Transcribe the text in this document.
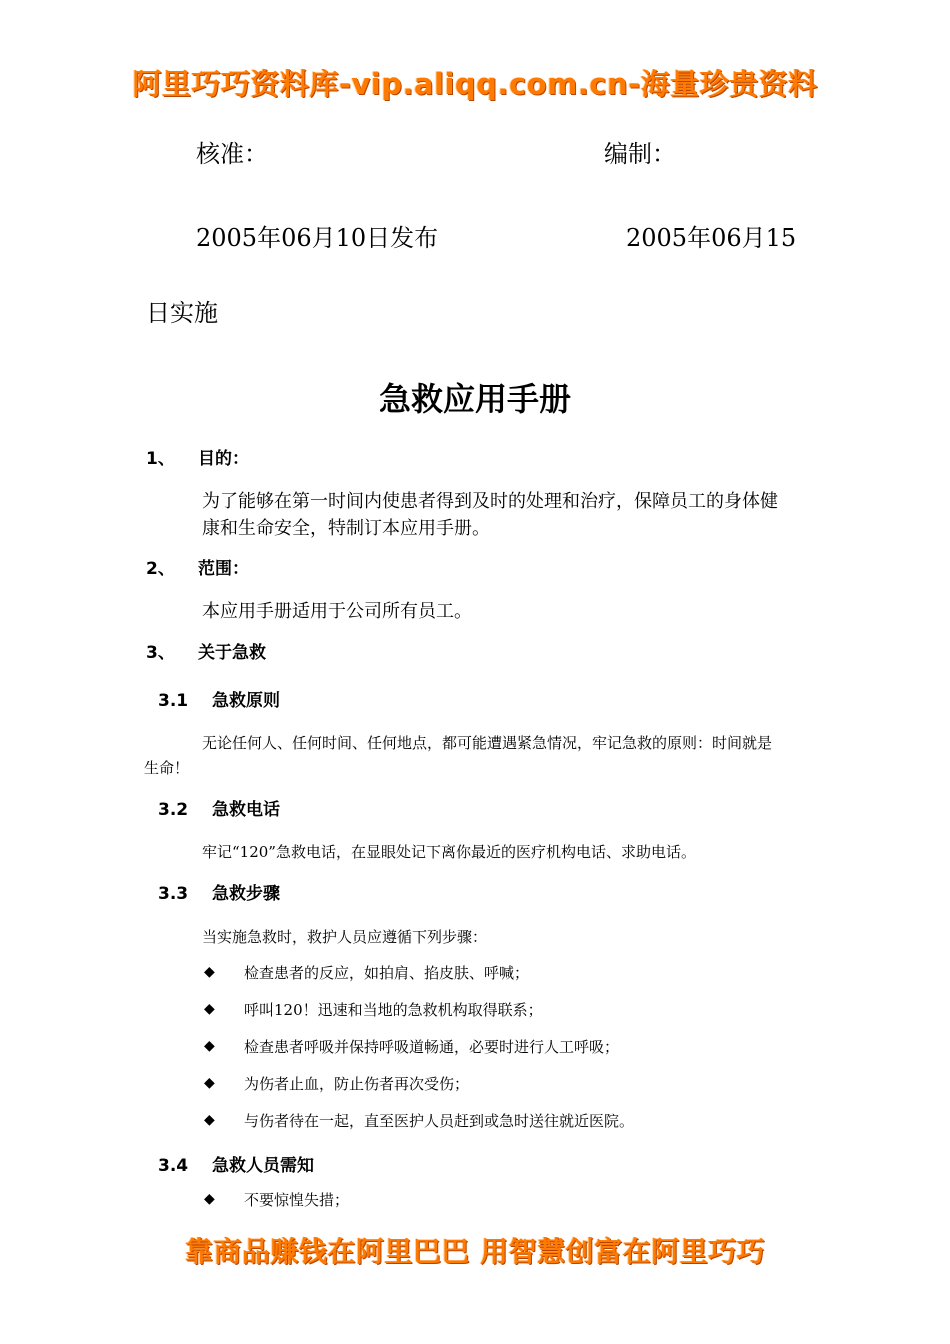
阿里巧巧资料库-vip.aliqq.com.cn-海量珍贵资料
核准：	编制：
2005年06月10日发布	2005年06月15
日实施
急救应用手册
1、 目的：
为了能够在第一时间内使患者得到及时的处理和治疗，保障员工的身体健
康和生命安全，特制订本应用手册。
2、 范围：
本应用手册适用于公司所有员工。
3、 关于急救
3.1 急救原则
无论任何人、任何时间、任何地点，都可能遭遇紧急情况，牢记急救的原则：时间就是
生命！
3.2 急救电话
牢记“120”急救电话，在显眼处记下离你最近的医疗机构电话、求助电话。
3.3 急救步骤
当实施急救时，救护人员应遵循下列步骤：
◆ 检查患者的反应，如拍肩、掐皮肤、呼喊；
◆ 呼叫120！迅速和当地的急救机构取得联系；
◆ 检查患者呼吸并保持呼吸道畅通，必要时进行人工呼吸；
◆ 为伤者止血，防止伤者再次受伤；
◆ 与伤者待在一起，直至医护人员赶到或急时送往就近医院。
3.4 急救人员需知
◆ 不要惊惶失措；
靠商品赚钱在阿里巴巴 用智慧创富在阿里巧巧
